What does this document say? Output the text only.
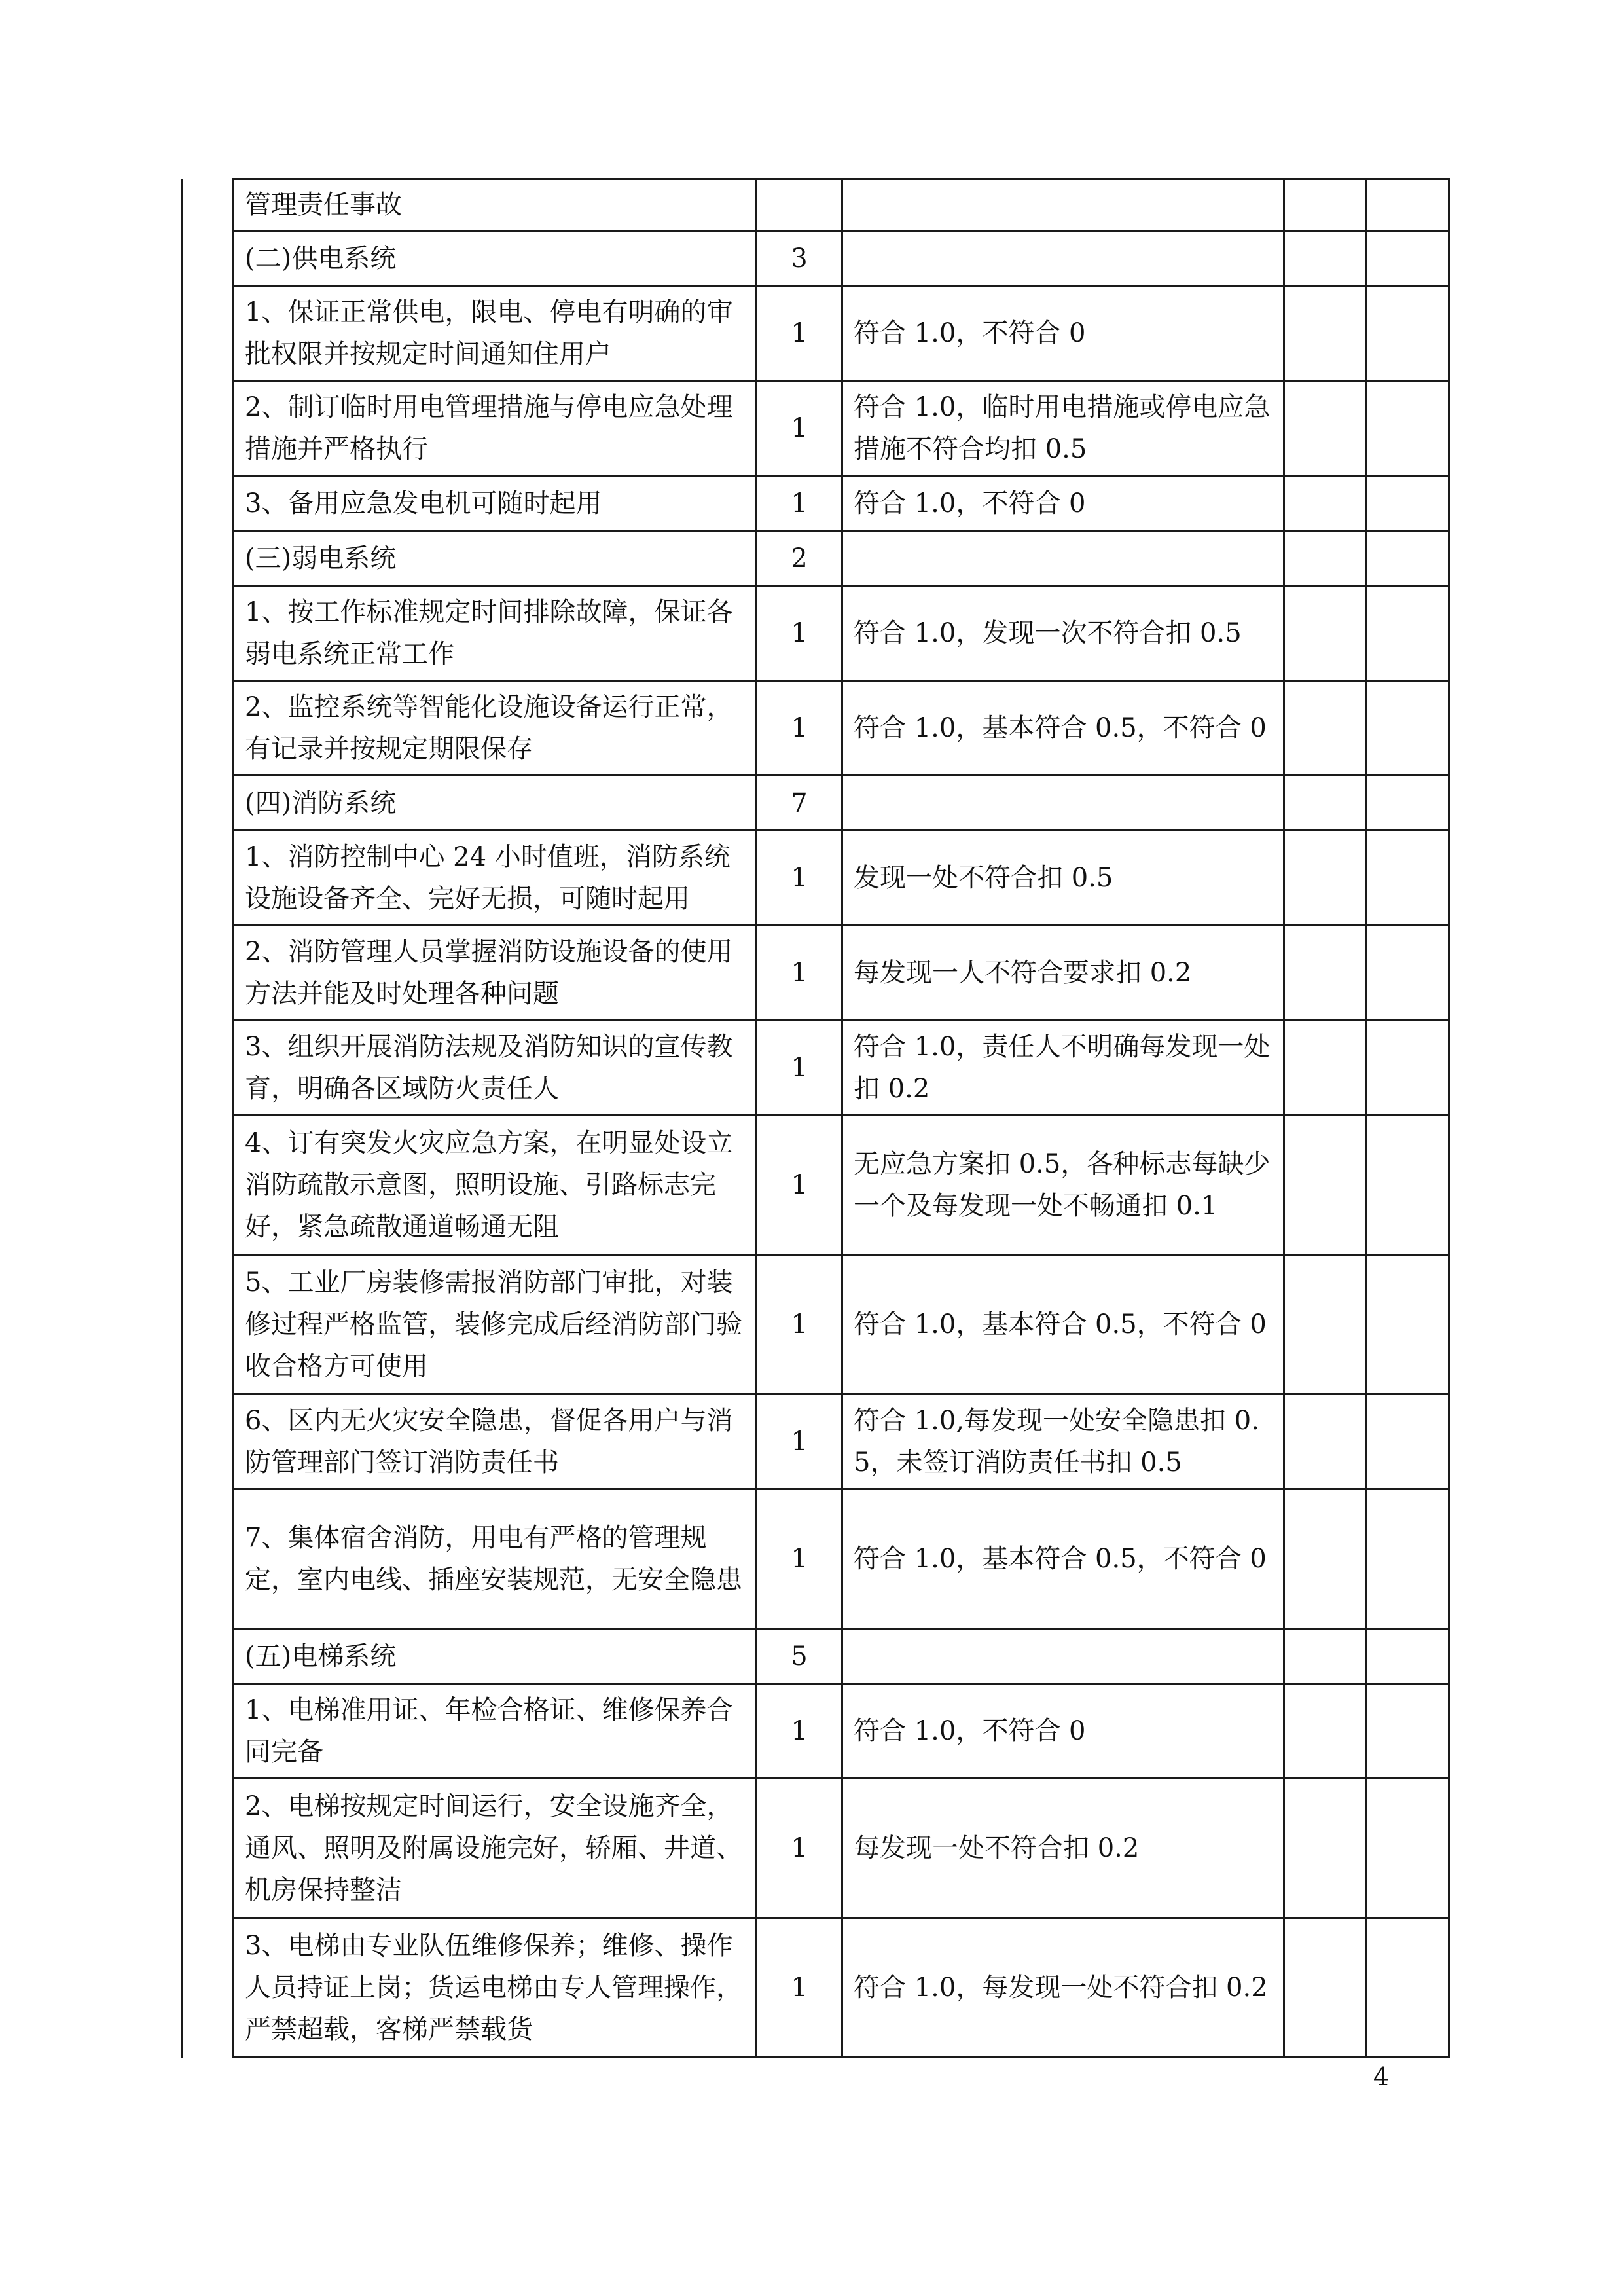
	管理责任事故				
	(二)供电系统	3			
	1、保证正常供电，限电、停电有明确的审批权限并按规定时间通知住用户	1	符合 1.0，不符合 0		
	2、制订临时用电管理措施与停电应急处理措施并严格执行	1	符合 1.0，临时用电措施或停电应急措施不符合均扣 0.5		
	3、备用应急发电机可随时起用	1	符合 1.0，不符合 0		
	(三)弱电系统	2			
	1、按工作标准规定时间排除故障，保证各弱电系统正常工作	1	符合 1.0，发现一次不符合扣 0.5		
	2、监控系统等智能化设施设备运行正常，有记录并按规定期限保存	1	符合 1.0，基本符合 0.5，不符合 0		
	(四)消防系统	7			
	1、消防控制中心 24 小时值班，消防系统设施设备齐全、完好无损，可随时起用	1	发现一处不符合扣 0.5		
	2、消防管理人员掌握消防设施设备的使用方法并能及时处理各种问题	1	每发现一人不符合要求扣 0.2		
	3、组织开展消防法规及消防知识的宣传教育，明确各区域防火责任人	1	符合 1.0，责任人不明确每发现一处扣 0.2		
	4、订有突发火灾应急方案，在明显处设立消防疏散示意图，照明设施、引路标志完好，紧急疏散通道畅通无阻	1	无应急方案扣 0.5，各种标志每缺少一个及每发现一处不畅通扣 0.1		
	5、工业厂房装修需报消防部门审批，对装修过程严格监管，装修完成后经消防部门验收合格方可使用	1	符合 1.0，基本符合 0.5，不符合 0		
	6、区内无火灾安全隐患，督促各用户与消防管理部门签订消防责任书	1	符合 1.0,每发现一处安全隐患扣 0.5，未签订消防责任书扣 0.5		
	7、集体宿舍消防，用电有严格的管理规定，室内电线、插座安装规范，无安全隐患	1	符合 1.0，基本符合 0.5，不符合 0		
	(五)电梯系统	5			
	1、电梯准用证、年检合格证、维修保养合同完备	1	符合 1.0，不符合 0		
	2、电梯按规定时间运行，安全设施齐全，通风、照明及附属设施完好，轿厢、井道、机房保持整洁	1	每发现一处不符合扣 0.2		
	3、电梯由专业队伍维修保养；维修、操作人员持证上岗；货运电梯由专人管理操作，严禁超载，客梯严禁载货	1	符合 1.0，每发现一处不符合扣 0.2		
4
